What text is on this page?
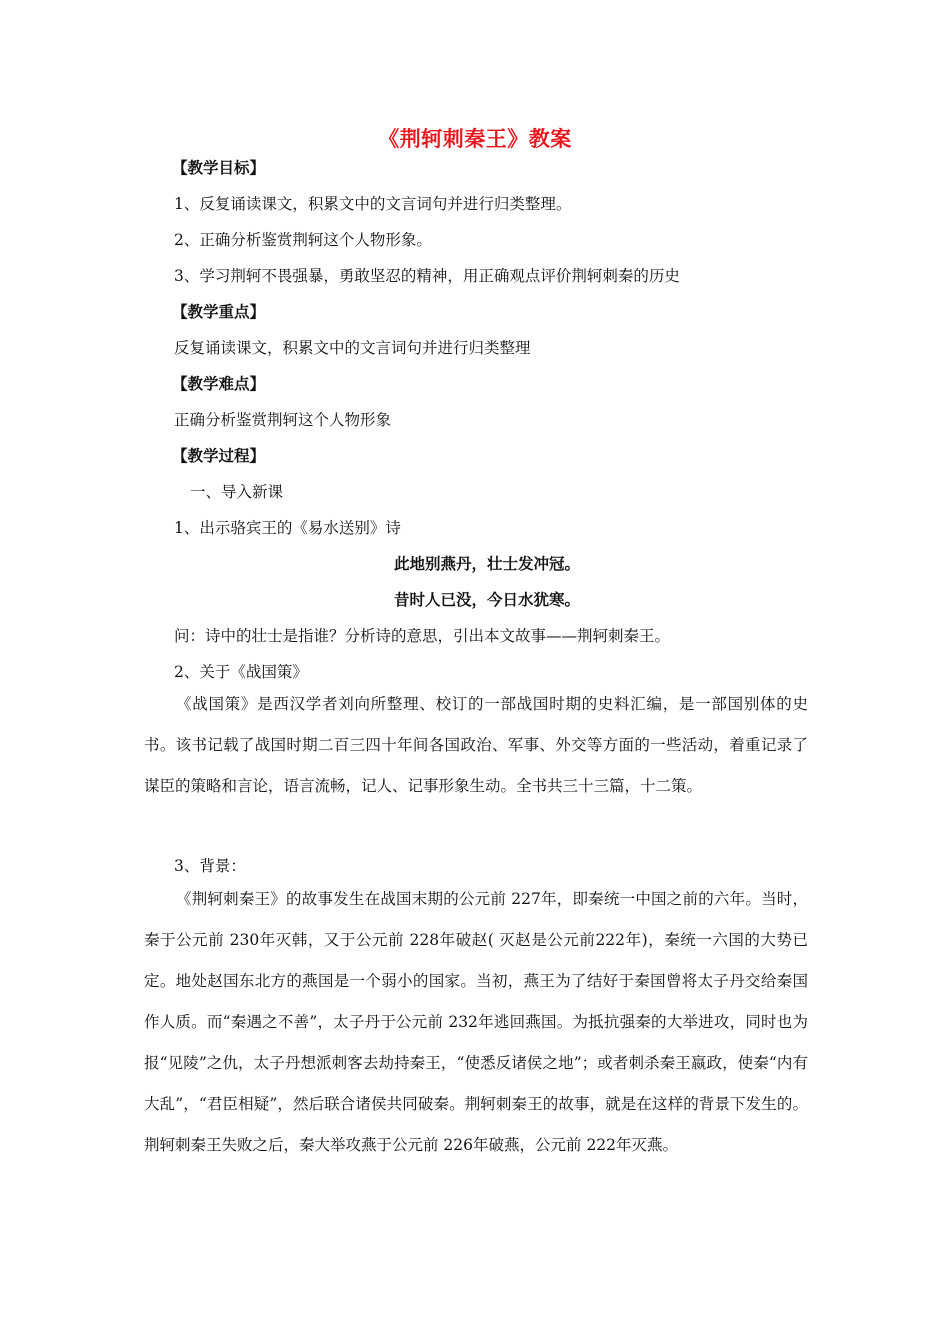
《荆轲刺秦王》教案
【教学目标】
1、反复诵读课文，积累文中的文言词句并进行归类整理。
2、正确分析鉴赏荆轲这个人物形象。
3、学习荆轲不畏强暴，勇敢坚忍的精神，用正确观点评价荆轲刺秦的历史
【教学重点】
反复诵读课文，积累文中的文言词句并进行归类整理
【教学难点】
正确分析鉴赏荆轲这个人物形象
【教学过程】
一、导入新课
1、出示骆宾王的《易水送别》诗
此地别燕丹，壮士发冲冠。
昔时人已没，今日水犹寒。
问：诗中的壮士是指谁？分析诗的意思，引出本文故事——荆轲刺秦王。
2、关于《战国策》
《战国策》是西汉学者刘向所整理、校订的一部战国时期的史料汇编，是一部国别体的史书。该书记载了战国时期二百三四十年间各国政治、军事、外交等方面的一些活动，着重记录了谋臣的策略和言论，语言流畅，记人、记事形象生动。全书共三十三篇，十二策。
3、背景：
《荆轲刺秦王》的故事发生在战国末期的公元前 227年，即秦统一中国之前的六年。当时，秦于公元前 230年灭韩，又于公元前 228年破赵( 灭赵是公元前222年)，秦统一六国的大势已定。地处赵国东北方的燕国是一个弱小的国家。当初，燕王为了结好于秦国曾将太子丹交给秦国作人质。而“秦遇之不善”，太子丹于公元前 232年逃回燕国。为抵抗强秦的大举进攻，同时也为报“见陵”之仇，太子丹想派刺客去劫持秦王，“使悉反诸侯之地”；或者刺杀秦王嬴政，使秦“内有大乱”，“君臣相疑”，然后联合诸侯共同破秦。荆轲刺秦王的故事，就是在这样的背景下发生的。荆轲刺秦王失败之后，秦大举攻燕于公元前 226年破燕，公元前 222年灭燕。
